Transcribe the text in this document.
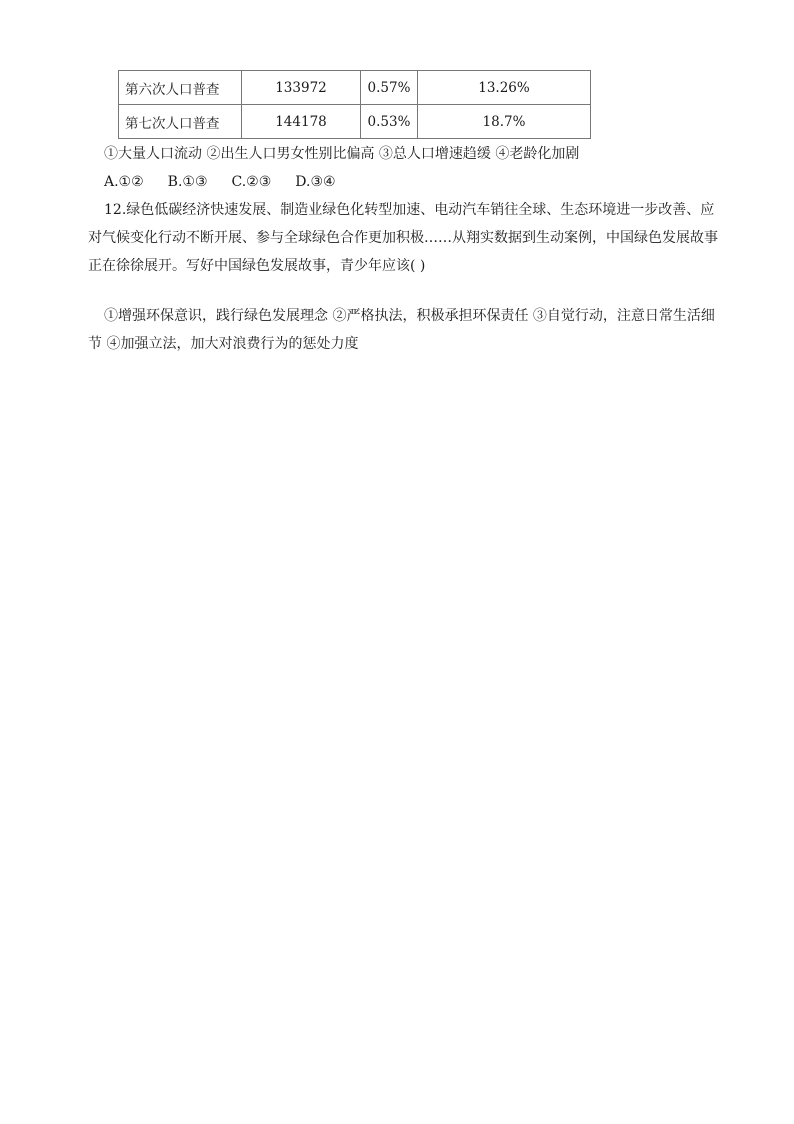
第六次人口普查	133972	0.57%	13.26%
第七次人口普查	144178	0.53%	18.7%
①大量人口流动 ②出生人口男女性别比偏高 ③总人口增速趋缓 ④老龄化加剧
A.①② B.①③ C.②③ D.③④
12.绿色低碳经济快速发展、制造业绿色化转型加速、电动汽车销往全球、生态环境进一步改善、应
对气候变化行动不断开展、参与全球绿色合作更加积极……从翔实数据到生动案例，中国绿色发展故事
正在徐徐展开。写好中国绿色发展故事，青少年应该( )
①增强环保意识，践行绿色发展理念 ②严格执法，积极承担环保责任 ③自觉行动，注意日常生活细
节 ④加强立法，加大对浪费行为的惩处力度
